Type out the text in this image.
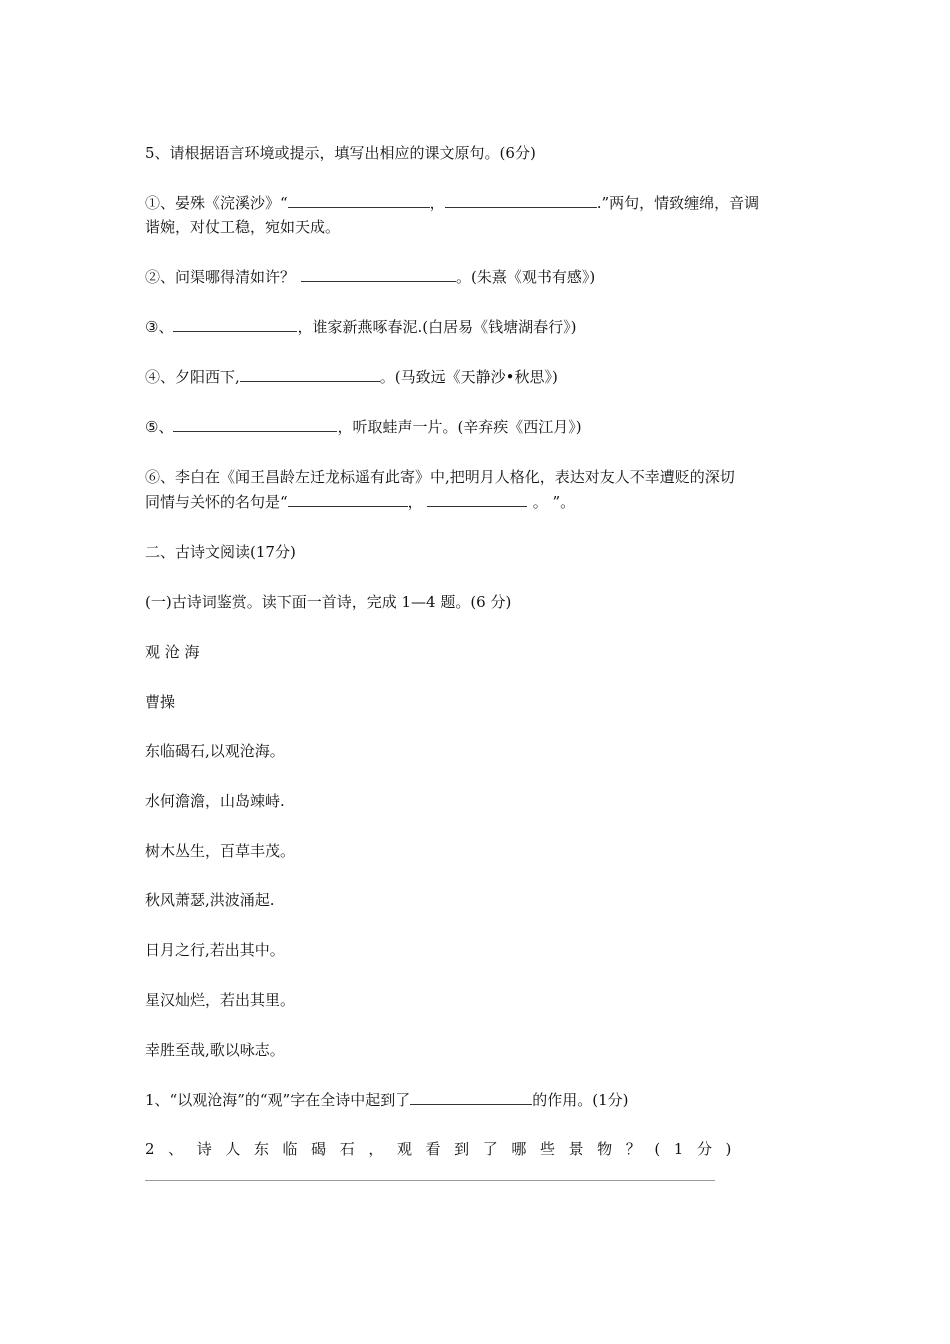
5、请根据语言环境或提示，填写出相应的课文原句。(6分)
①、晏殊《浣溪沙》“	，	.”两句，情致缠绵，音调
谐婉，对仗工稳，宛如天成。
②、问渠哪得清如许？	。(朱熹《观书有感》)
③、	，谁家新燕啄春泥.(白居易《钱塘湖春行》)
④、夕阳西下,	。(马致远《天静沙•秋思》)
⑤、	，听取蛙声一片。(辛弃疾《西江月》)
⑥、李白在《闻王昌龄左迁龙标遥有此寄》中,把明月人格化，表达对友人不幸遭贬的深切
同情与关怀的名句是“	，	。 ”。
二、古诗文阅读(17分)
(一)古诗词鉴赏。读下面一首诗，完成 1—4 题。(6 分)
观 沧 海
曹操
东临碣石,以观沧海。
水何澹澹，山岛竦峙.
树木丛生，百草丰茂。
秋风萧瑟,洪波涌起.
日月之行,若出其中。
星汉灿烂，若出其里。
幸胜至哉,歌以咏志。
1、“以观沧海”的“观”字在全诗中起到了	的作用。(1分)
2、诗人东临碣石，观看到了哪些景物？(1分)
